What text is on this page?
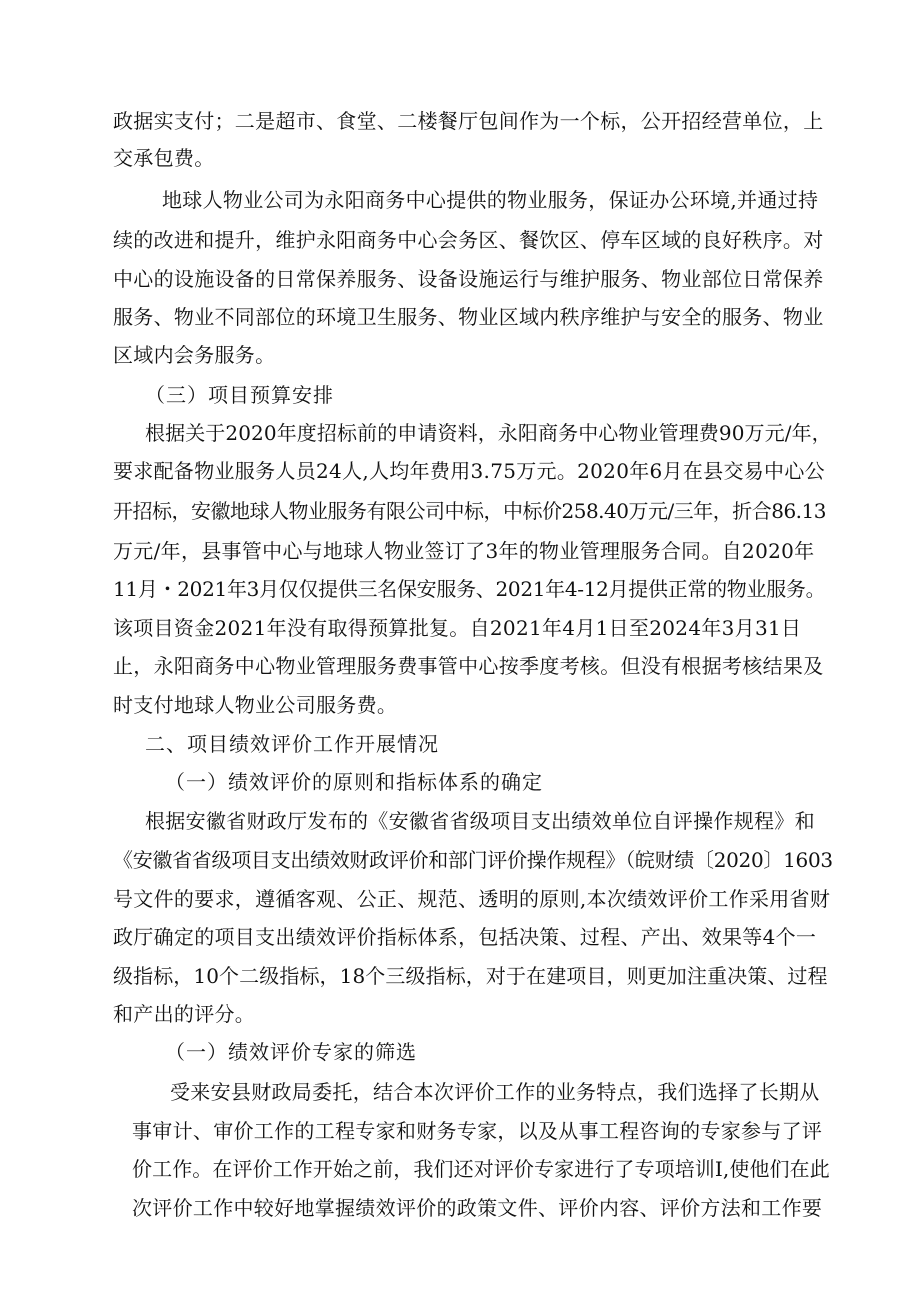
政据实支付；二是超市、食堂、二楼餐厅包间作为一个标，公开招经营单位，上
交承包费。
地球人物业公司为永阳商务中心提供的物业服务，保证办公环境,并通过持
续的改进和提升，维护永阳商务中心会务区、餐饮区、停车区域的良好秩序。对
中心的设施设备的日常保养服务、设备设施运行与维护服务、物业部位日常保养
服务、物业不同部位的环境卫生服务、物业区域内秩序维护与安全的服务、物业
区域内会务服务。
（三）项目预算安排
根据关于2020年度招标前的申请资料，永阳商务中心物业管理费90万元/年，
要求配备物业服务人员24人,人均年费用3.75万元。2020年6月在县交易中心公
开招标，安徽地球人物业服务有限公司中标，中标价258.40万元/三年，折合86.13
万元/年，县事管中心与地球人物业签订了3年的物业管理服务合同。自2020年
11月・2021年3月仅仅提供三名保安服务、2021年4-12月提供正常的物业服务。
该项目资金2021年没有取得预算批复。自2021年4月1日至2024年3月31日
止，永阳商务中心物业管理服务费事管中心按季度考核。但没有根据考核结果及
时支付地球人物业公司服务费。
二、项目绩效评价工作开展情况
（一）绩效评价的原则和指标体系的确定
根据安徽省财政厅发布的《安徽省省级项目支出绩效单位自评操作规程》和
《安徽省省级项目支出绩效财政评价和部门评价操作规程》（皖财绩〔2020〕1603
号文件的要求，遵循客观、公正、规范、透明的原则,本次绩效评价工作采用省财
政厅确定的项目支出绩效评价指标体系，包括决策、过程、产出、效果等4个一
级指标，10个二级指标，18个三级指标，对于在建项目，则更加注重决策、过程
和产出的评分。
（一）绩效评价专家的筛选
受来安县财政局委托，结合本次评价工作的业务特点，我们选择了长期从
事审计、审价工作的工程专家和财务专家，以及从事工程咨询的专家参与了评
价工作。在评价工作开始之前，我们还对评价专家进行了专项培训I,使他们在此
次评价工作中较好地掌握绩效评价的政策文件、评价内容、评价方法和工作要
